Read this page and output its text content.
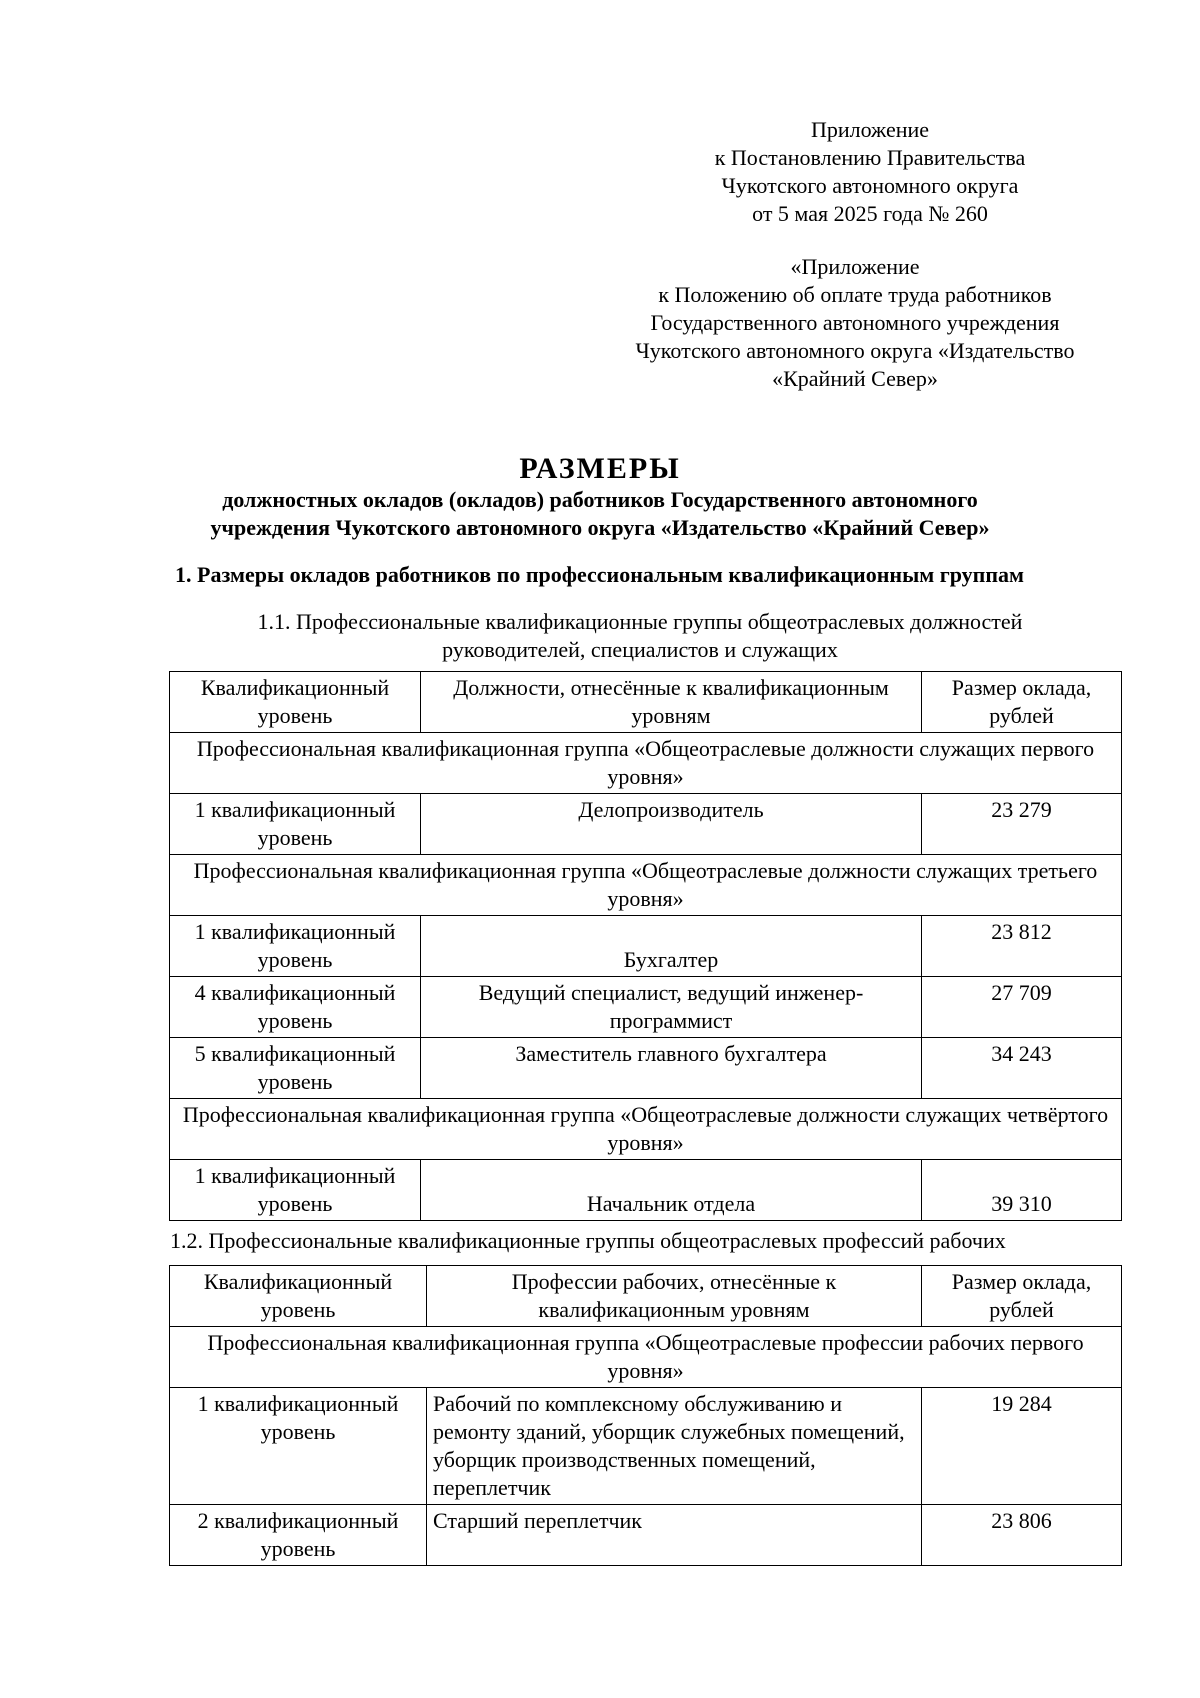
Приложение
к Постановлению Правительства
Чукотского автономного округа
от 5 мая 2025 года № 260
«Приложение
к Положению об оплате труда работников
Государственного автономного учреждения
Чукотского автономного округа «Издательство
«Крайний Север»
РАЗМЕРЫ
должностных окладов (окладов) работников Государственного автономного
учреждения Чукотского автономного округа «Издательство «Крайний Север»
1. Размеры окладов работников по профессиональным квалификационным группам
1.1. Профессиональные квалификационные группы общеотраслевых должностей
руководителей, специалистов и служащих
Квалификационный уровень	Должности, отнесённые к квалификационным уровням	Размер оклада, рублей
Профессиональная квалификационная группа «Общеотраслевые должности служащих первого уровня»		
1 квалификационный уровень	Делопроизводитель	23 279
Профессиональная квалификационная группа «Общеотраслевые должности служащих третьего уровня»		
1 квалификационный уровень	Бухгалтер	23 812
4 квалификационный уровень	Ведущий специалист, ведущий инженер-программист	27 709
5 квалификационный уровень	Заместитель главного бухгалтера	34 243
Профессиональная квалификационная группа «Общеотраслевые должности служащих четвёртого уровня»		
1 квалификационный уровень	Начальник отдела	39 310
1.2. Профессиональные квалификационные группы общеотраслевых профессий рабочих
Квалификационный уровень	Профессии рабочих, отнесённые к квалификационным уровням	Размер оклада, рублей
Профессиональная квалификационная группа «Общеотраслевые профессии рабочих первого уровня»		
1 квалификационный уровень	Рабочий по комплексному обслуживанию и ремонту зданий, уборщик служебных помещений, уборщик производственных помещений, переплетчик	19 284
2 квалификационный уровень	Старший переплетчик	23 806
